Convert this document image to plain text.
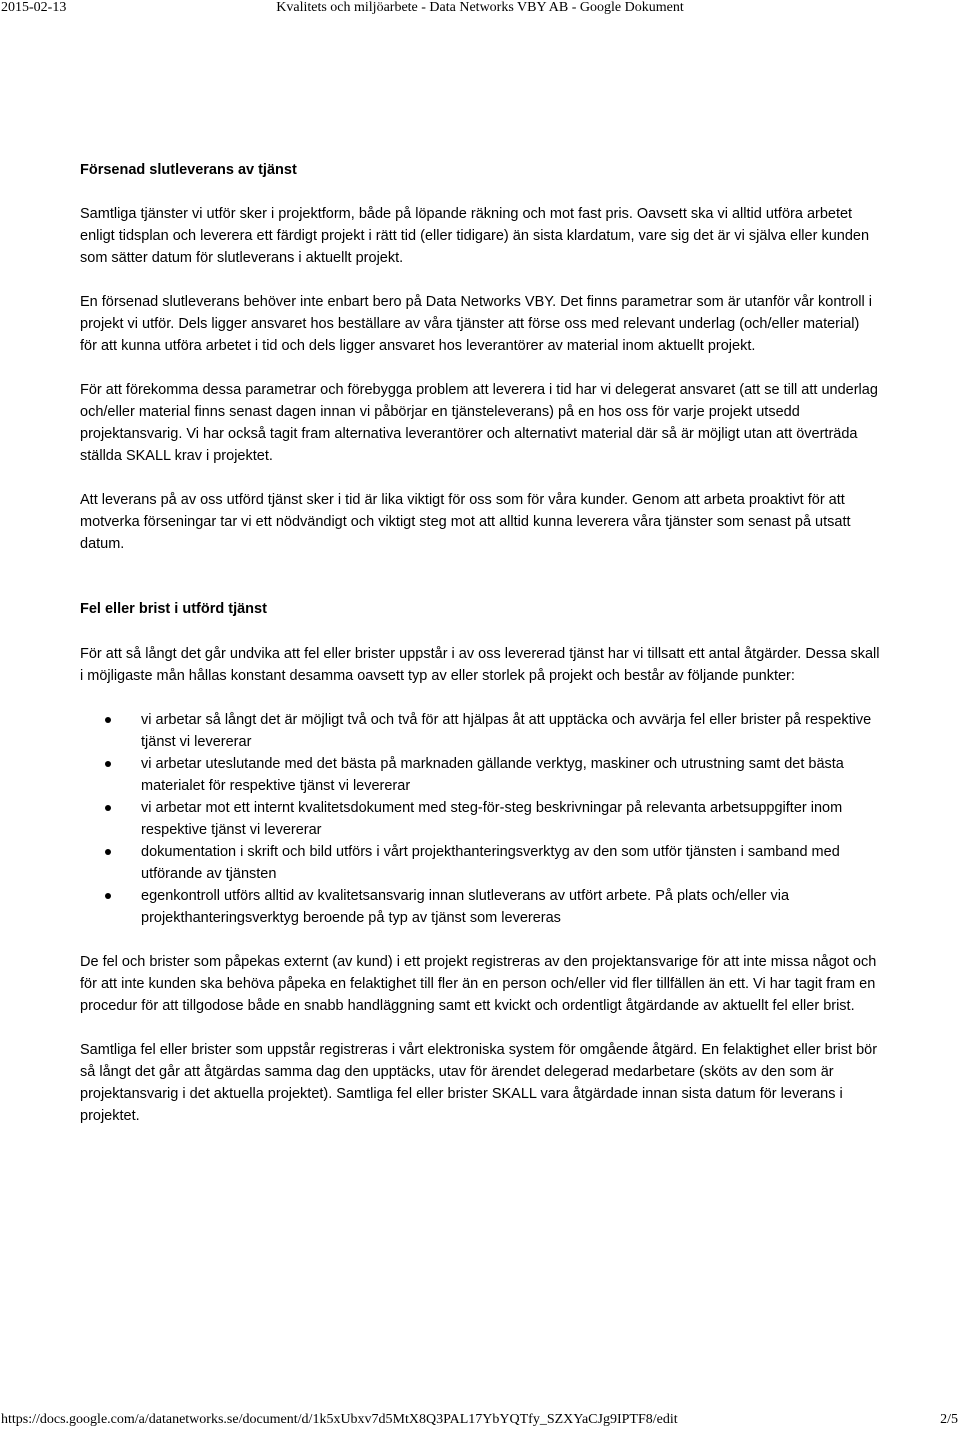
2015-02-13	Kvalitets och miljöarbete - Data Networks VBY AB - Google Dokument
Försenad slutleverans av tjänst

Samtliga tjänster vi utför sker i projektform, både på löpande räkning och mot fast pris. Oavsett ska vi alltid utföra arbetet enligt tidsplan och leverera ett färdigt projekt i rätt tid (eller tidigare) än sista klardatum, vare sig det är vi själva eller kunden som sätter datum för slutleverans i aktuellt projekt.

En försenad slutleverans behöver inte enbart bero på Data Networks VBY. Det finns parametrar som är utanför vår kontroll i projekt vi utför. Dels ligger ansvaret hos beställare av våra tjänster att förse oss med relevant underlag (och/eller material) för att kunna utföra arbetet i tid och dels ligger ansvaret hos leverantörer av material inom aktuellt projekt.

För att förekomma dessa parametrar och förebygga problem att leverera i tid har vi delegerat ansvaret (att se till att underlag och/eller material finns senast dagen innan vi påbörjar en tjänsteleverans) på en hos oss för varje projekt utsedd projektansvarig. Vi har också tagit fram alternativa leverantörer och alternativt material där så är möjligt utan att överträda ställda SKALL krav i projektet.

Att leverans på av oss utförd tjänst sker i tid är lika viktigt för oss som för våra kunder. Genom att arbeta proaktivt för att motverka förseningar tar vi ett nödvändigt och viktigt steg mot att alltid kunna leverera våra tjänster som senast på utsatt datum.

Fel eller brist i utförd tjänst

För att så långt det går undvika att fel eller brister uppstår i av oss levererad tjänst har vi tillsatt ett antal åtgärder. Dessa skall i möjligaste mån hållas konstant desamma oavsett typ av eller storlek på projekt och består av följande punkter:

vi arbetar så långt det är möjligt två och två för att hjälpas åt att upptäcka och avvärja fel eller brister på respektive tjänst vi levererar
vi arbetar uteslutande med det bästa på marknaden gällande verktyg, maskiner och utrustning samt det bästa materialet för respektive tjänst vi levererar
vi arbetar mot ett internt kvalitetsdokument med steg-för-steg beskrivningar på relevanta arbetsuppgifter inom respektive tjänst vi levererar
dokumentation i skrift och bild utförs i vårt projekthanteringsverktyg av den som utför tjänsten i samband med utförande av tjänsten
egenkontroll utförs alltid av kvalitetsansvarig innan slutleverans av utfört arbete. På plats och/eller via projekthanteringsverktyg beroende på typ av tjänst som levereras

De fel och brister som påpekas externt (av kund) i ett projekt registreras av den projektansvarige för att inte missa något och för att inte kunden ska behöva påpeka en felaktighet till fler än en person och/eller vid fler tillfällen än ett. Vi har tagit fram en procedur för att tillgodose både en snabb handläggning samt ett kvickt och ordentligt åtgärdande av aktuellt fel eller brist.

Samtliga fel eller brister som uppstår registreras i vårt elektroniska system för omgående åtgärd. En felaktighet eller brist bör så långt det går att åtgärdas samma dag den upptäcks, utav för ärendet delegerad medarbetare (sköts av den som är projektansvarig i det aktuella projektet). Samtliga fel eller brister SKALL vara åtgärdade innan sista datum för leverans i projektet.

https://docs.google.com/a/datanetworks.se/document/d/1k5xUbxv7d5MtX8Q3PAL17YbYQTfy_SZXYaCJg9IPTF8/edit	2/5
